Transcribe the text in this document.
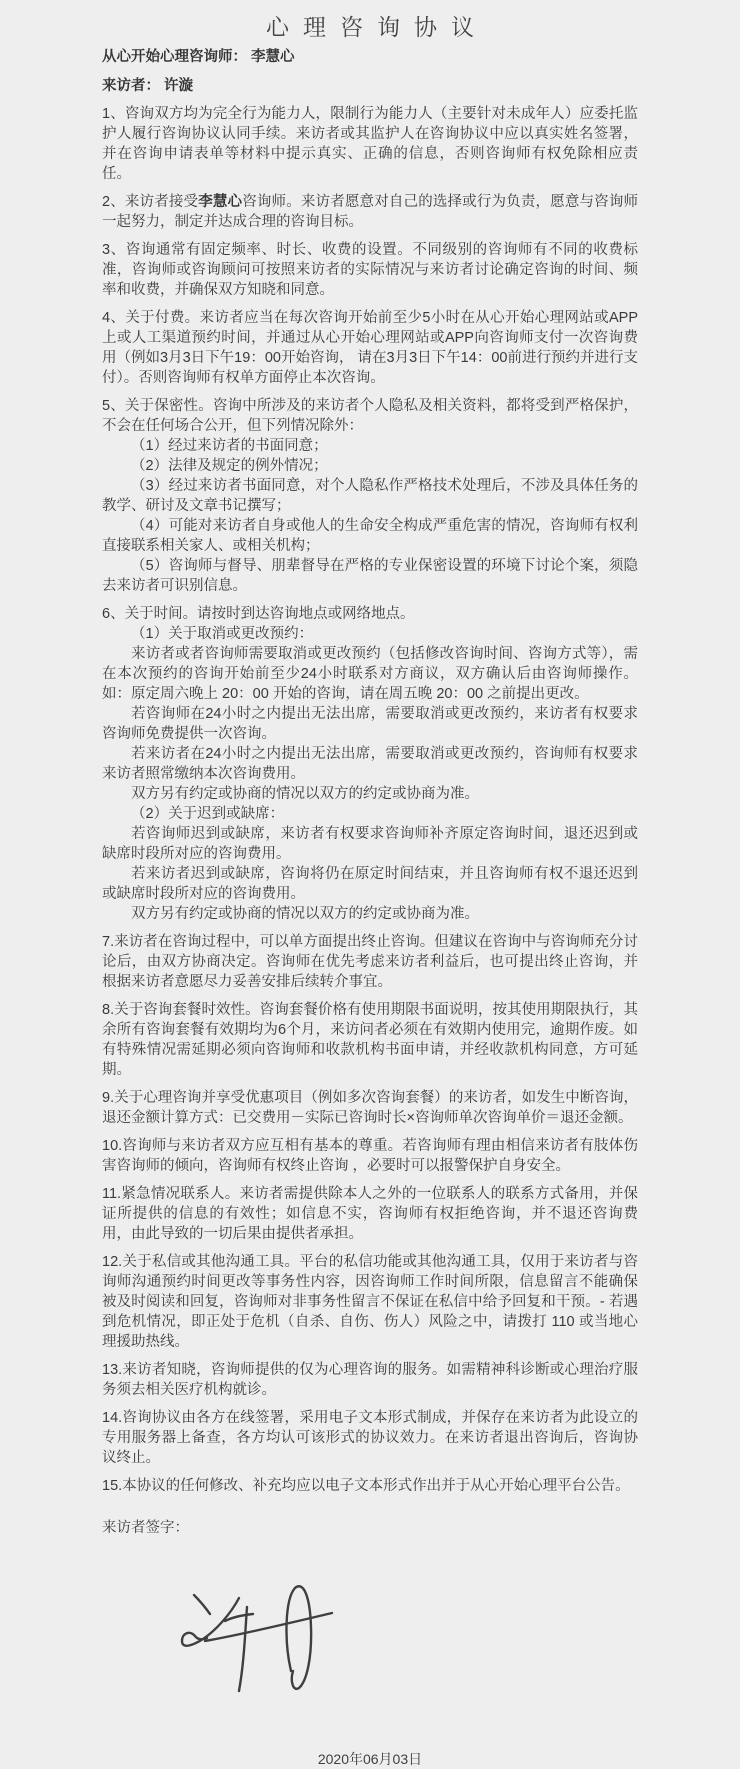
心理咨询协议

从心开始心理咨询师： 李慧心

来访者： 许漩

1、咨询双方均为完全行为能力人，限制行为能力人（主要针对未成年人）应委托监护人履行咨询协议认同手续。来访者或其监护人在咨询协议中应以真实姓名签署，并在咨询申请表单等材料中提示真实、正确的信息，否则咨询师有权免除相应责任。

2、来访者接受李慧心咨询师。来访者愿意对自己的选择或行为负责，愿意与咨询师一起努力，制定并达成合理的咨询目标。

3、咨询通常有固定频率、时长、收费的设置。不同级别的咨询师有不同的收费标准，咨询师或咨询顾问可按照来访者的实际情况与来访者讨论确定咨询的时间、频率和收费，并确保双方知晓和同意。

4、关于付费。来访者应当在每次咨询开始前至少5小时在从心开始心理网站或APP上或人工渠道预约时间，并通过从心开始心理网站或APP向咨询师支付一次咨询费用（例如3月3日下午19：00开始咨询， 请在3月3日下午14：00前进行预约并进行支付）。否则咨询师有权单方面停止本次咨询。

5、关于保密性。咨询中所涉及的来访者个人隐私及相关资料，都将受到严格保护，不会在任何场合公开，但下列情况除外：

（1）经过来访者的书面同意；

（2）法律及规定的例外情况；

（3）经过来访者书面同意，对个人隐私作严格技术处理后，不涉及具体任务的教学、研讨及文章书记撰写；

（4）可能对来访者自身或他人的生命安全构成严重危害的情况，咨询师有权利直接联系相关家人、或相关机构；

（5）咨询师与督导、朋辈督导在严格的专业保密设置的环境下讨论个案，须隐去来访者可识别信息。

6、关于时间。请按时到达咨询地点或网络地点。

（1）关于取消或更改预约：

来访者或者咨询师需要取消或更改预约（包括修改咨询时间、咨询方式等），需在本次预约的咨询开始前至少24小时联系对方商议，双方确认后由咨询师操作。如：原定周六晚上 20：00 开始的咨询，请在周五晚 20：00 之前提出更改。

若咨询师在24小时之内提出无法出席，需要取消或更改预约，来访者有权要求咨询师免费提供一次咨询。

若来访者在24小时之内提出无法出席，需要取消或更改预约，咨询师有权要求来访者照常缴纳本次咨询费用。

双方另有约定或协商的情况以双方的约定或协商为准。

（2）关于迟到或缺席：

若咨询师迟到或缺席，来访者有权要求咨询师补齐原定咨询时间，退还迟到或缺席时段所对应的咨询费用。

若来访者迟到或缺席，咨询将仍在原定时间结束，并且咨询师有权不退还迟到或缺席时段所对应的咨询费用。

双方另有约定或协商的情况以双方的约定或协商为准。

7.来访者在咨询过程中，可以单方面提出终止咨询。但建议在咨询中与咨询师充分讨论后，由双方协商决定。咨询师在优先考虑来访者利益后，也可提出终止咨询，并根据来访者意愿尽力妥善安排后续转介事宜。

8.关于咨询套餐时效性。咨询套餐价格有使用期限书面说明，按其使用期限执行，其余所有咨询套餐有效期均为6个月，来访问者必须在有效期内使用完，逾期作废。如有特殊情况需延期必须向咨询师和收款机构书面申请，并经收款机构同意，方可延期。

9.关于心理咨询并享受优惠项目（例如多次咨询套餐）的来访者，如发生中断咨询，退还金额计算方式：已交费用－实际已咨询时长×咨询师单次咨询单价＝退还金额。

10.咨询师与来访者双方应互相有基本的尊重。若咨询师有理由相信来访者有肢体伤害咨询师的倾向，咨询师有权终止咨询 ，必要时可以报警保护自身安全。

11.紧急情况联系人。来访者需提供除本人之外的一位联系人的联系方式备用，并保证所提供的信息的有效性；如信息不实，咨询师有权拒绝咨询，并不退还咨询费用，由此导致的一切后果由提供者承担。

12.关于私信或其他沟通工具。平台的私信功能或其他沟通工具，仅用于来访者与咨询师沟通预约时间更改等事务性内容，因咨询师工作时间所限，信息留言不能确保被及时阅读和回复，咨询师对非事务性留言不保证在私信中给予回复和干预。- 若遇到危机情况，即正处于危机（自杀、自伤、伤人）风险之中，请拨打 110 或当地心理援助热线。

13.来访者知晓，咨询师提供的仅为心理咨询的服务。如需精神科诊断或心理治疗服务须去相关医疗机构就诊。

14.咨询协议由各方在线签署，采用电子文本形式制成，并保存在来访者为此设立的专用服务器上备查，各方均认可该形式的协议效力。在来访者退出咨询后，咨询协议终止。

15.本协议的任何修改、补充均应以电子文本形式作出并于从心开始心理平台公告。

来访者签字：

2020年06月03日
